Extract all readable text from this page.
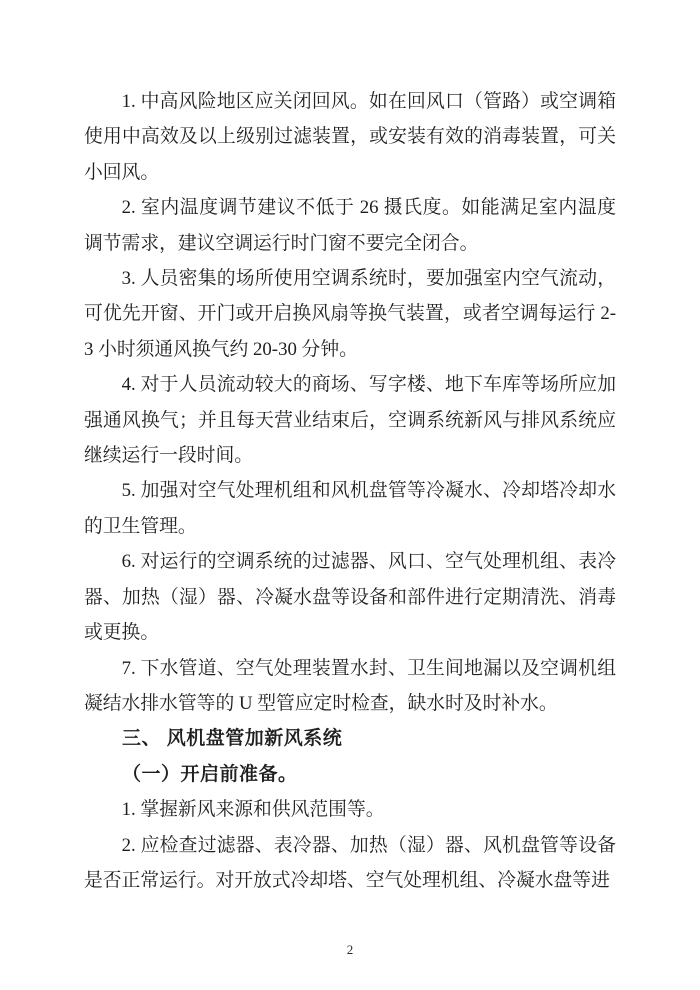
1. 中高风险地区应关闭回风。如在回风口（管路）或空调箱使用中高效及以上级别过滤装置，或安装有效的消毒装置，可关小回风。

2. 室内温度调节建议不低于 26 摄氏度。如能满足室内温度调节需求，建议空调运行时门窗不要完全闭合。

3. 人员密集的场所使用空调系统时，要加强室内空气流动，可优先开窗、开门或开启换风扇等换气装置，或者空调每运行 2-3 小时须通风换气约 20-30 分钟。

4. 对于人员流动较大的商场、写字楼、地下车库等场所应加强通风换气；并且每天营业结束后，空调系统新风与排风系统应继续运行一段时间。

5. 加强对空气处理机组和风机盘管等冷凝水、冷却塔冷却水的卫生管理。

6. 对运行的空调系统的过滤器、风口、空气处理机组、表冷器、加热（湿）器、冷凝水盘等设备和部件进行定期清洗、消毒或更换。

7. 下水管道、空气处理装置水封、卫生间地漏以及空调机组凝结水排水管等的 U 型管应定时检查，缺水时及时补水。

三、 风机盘管加新风系统

（一）开启前准备。

1. 掌握新风来源和供风范围等。

2. 应检查过滤器、表冷器、加热（湿）器、风机盘管等设备是否正常运行。对开放式冷却塔、空气处理机组、冷凝水盘等进

2
